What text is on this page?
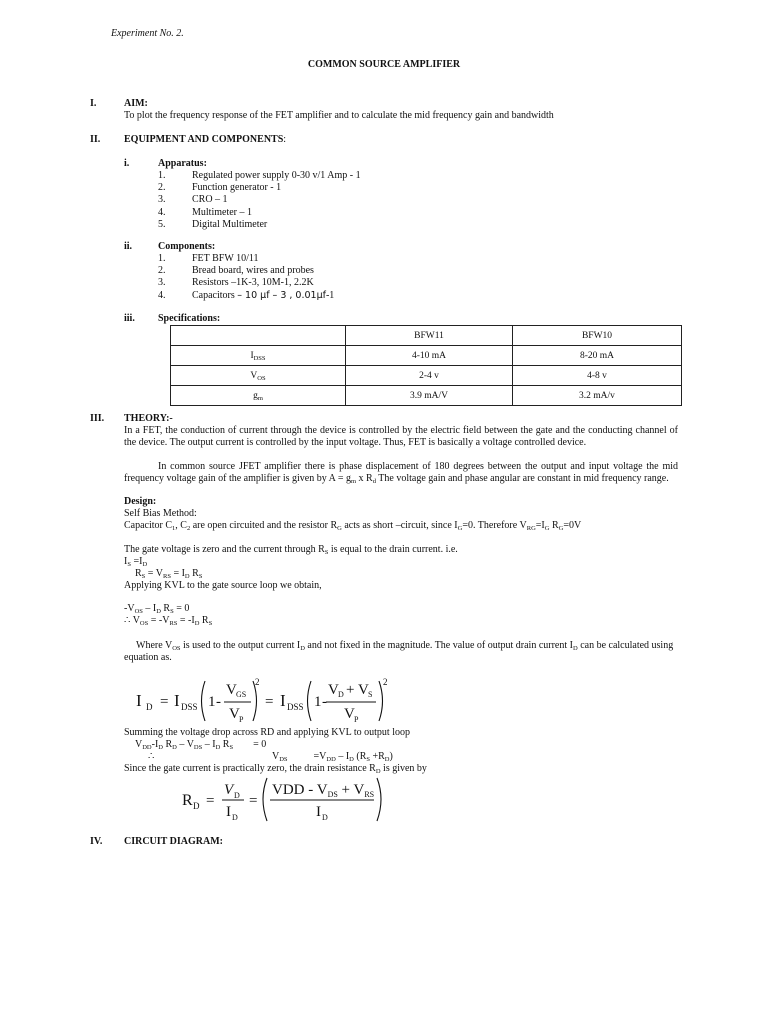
Experiment No. 2.
COMMON SOURCE AMPLIFIER
I.	AIM:
To plot the frequency response of the FET amplifier and to calculate the mid frequency gain and bandwidth
II. EQUIPMENT AND COMPONENTS:
i.	Apparatus:
1.	Regulated power supply 0-30 v/1 Amp - 1
2.	Function generator - 1
3.	CRO – 1
4.	Multimeter – 1
5.	Digital Multimeter
ii.	Components:
1.	FET BFW 10/11
2.	Bread board, wires and probes
3.	Resistors –1K-3, 10M-1, 2.2K
4.	Capacitors – 10 µf – 3 , 0.01µf-1
iii. Specifications:
	BFW11	BFW10
$I_{DSS}$	4-10 mA	8-20 mA
$V_{OS}$	2-4 v	4-8 v
$g_m$	3.9 mA/V	3.2 mA/v
III. THEORY:-
In a FET, the conduction of current through the device is controlled by the electric field between the gate and the conducting channel of the device. The output current is controlled by the input voltage. Thus, FET is basically a voltage controlled device.
In common source JFET amplifier there is phase displacement of 180 degrees between the output and input voltage the mid frequency voltage gain of the amplifier is given by $A = g_m$ x $R_d$ The voltage gain and phase angular are constant in mid frequency range.
Design:
Self Bias Method:
Capacitor $C_1$, $C_2$ are open circuited and the resistor $R_G$ acts as short –circuit, since $I_G=0$. Therefore $V_{RG}=I_G$ $R_G=0V$
The gate voltage is zero and the current through $R_S$ is equal to the drain current. i.e.
$I_S =I_D$
$R_S = V_{RS} = I_D$ $R_S$
Applying KVL to the gate source loop we obtain,
$-V_{OS} - I_D$ $R_S = 0$
∴ $V_{OS} = -V_{RS} = -I_D$ $R_S$
Where $V_{OS}$ is used to the output current $I_D$ and not fixed in the magnitude. The value of output drain current $I_D$ can be calculated using
equation as.
I D = I DSS 1 -
V GS
V P
2
= I DSS 1 -
V D + V S
V P
2
Summing the voltage drop across RD and applying KVL to output loop
$V_{DD}-I_D$ $R_D - V_{DS} - I_D$ $R_S = 0$
∴	$V_{DS}$	$=V_{DD} - I_D$ $(R_S +R_D)$
Since the gate current is practically zero, the drain resistance $R_D$ is given by
R D =
V D
I D
=
VDD - $V_{DS} + V_{RS}$
I D
IV. CIRCUIT DIAGRAM:
